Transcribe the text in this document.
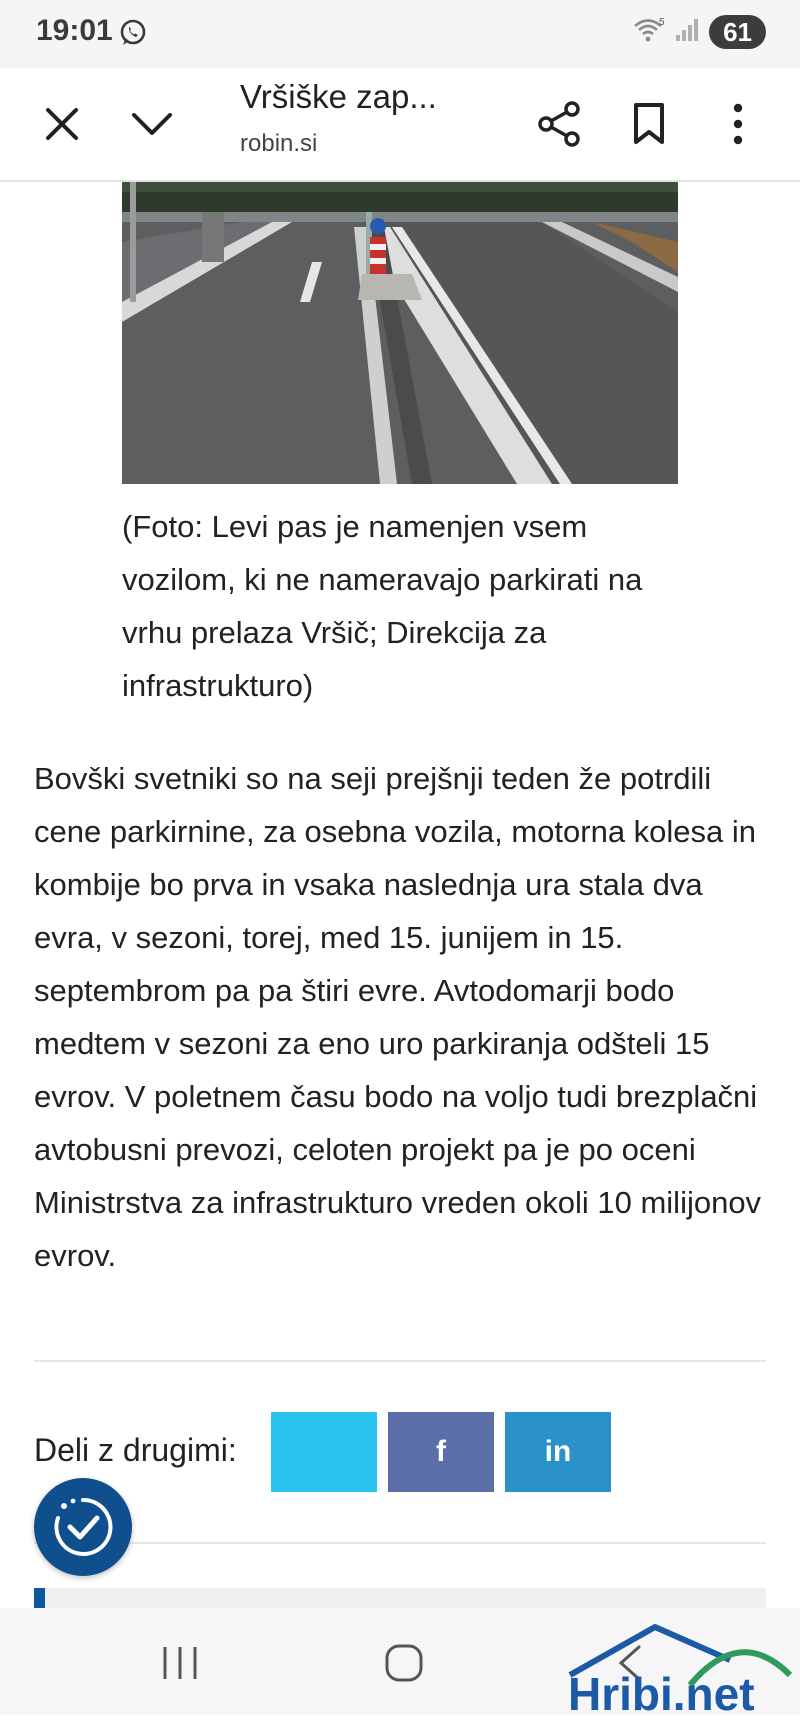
19:01	5	61
Vršiške zap...
robin.si
(Foto: Levi pas je namenjen vsem vozilom, ki ne nameravajo parkirati na vrhu prelaza Vršič; Direkcija za infrastrukturo)
Bovški svetniki so na seji prejšnji teden že potrdili cene parkirnine, za osebna vozila, motorna kolesa in kombije bo prva in vsaka naslednja ura stala dva evra, v sezoni, torej, med 15. junijem in 15. septembrom pa pa štiri evre. Avtodomarji bodo medtem v sezoni za eno uro parkiranja odšteli 15 evrov. V poletnem času bodo na voljo tudi brezplačni avtobusni prevozi, celoten projekt pa je po oceni Ministrstva za infrastrukturo vreden okoli 10 milijonov evrov.
Deli z drugimi:	f	in
Hribi.net
